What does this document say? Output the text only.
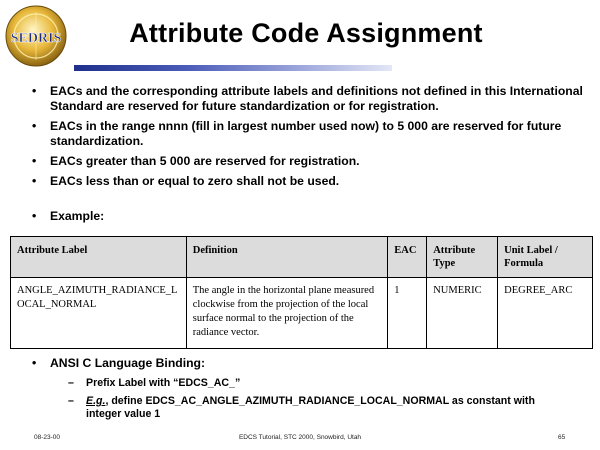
SEDRIS	Attribute Code Assignment
• EACs and the corresponding attribute labels and definitions not defined in this International Standard are reserved for future standardization or for registration.
• EACs in the range nnnn (fill in largest number used now) to 5 000 are reserved for future standardization.
• EACs greater than 5 000 are reserved for registration.
• EACs less than or equal to zero shall not be used.
• Example:
Attribute Label	Definition	EAC	Attribute Type	Unit Label / Formula
ANGLE_AZIMUTH_RADIANCE_LOCAL_NORMAL	The angle in the horizontal plane measured clockwise from the projection of the local surface normal to the projection of the radiance vector.	1	NUMERIC	DEGREE_ARC
• ANSI C Language Binding:
– Prefix Label with “EDCS_AC_”
– E.g., define EDCS_AC_ANGLE_AZIMUTH_RADIANCE_LOCAL_NORMAL as constant with integer value 1
08-23-00	EDCS Tutorial, STC 2000, Snowbird, Utah	65
